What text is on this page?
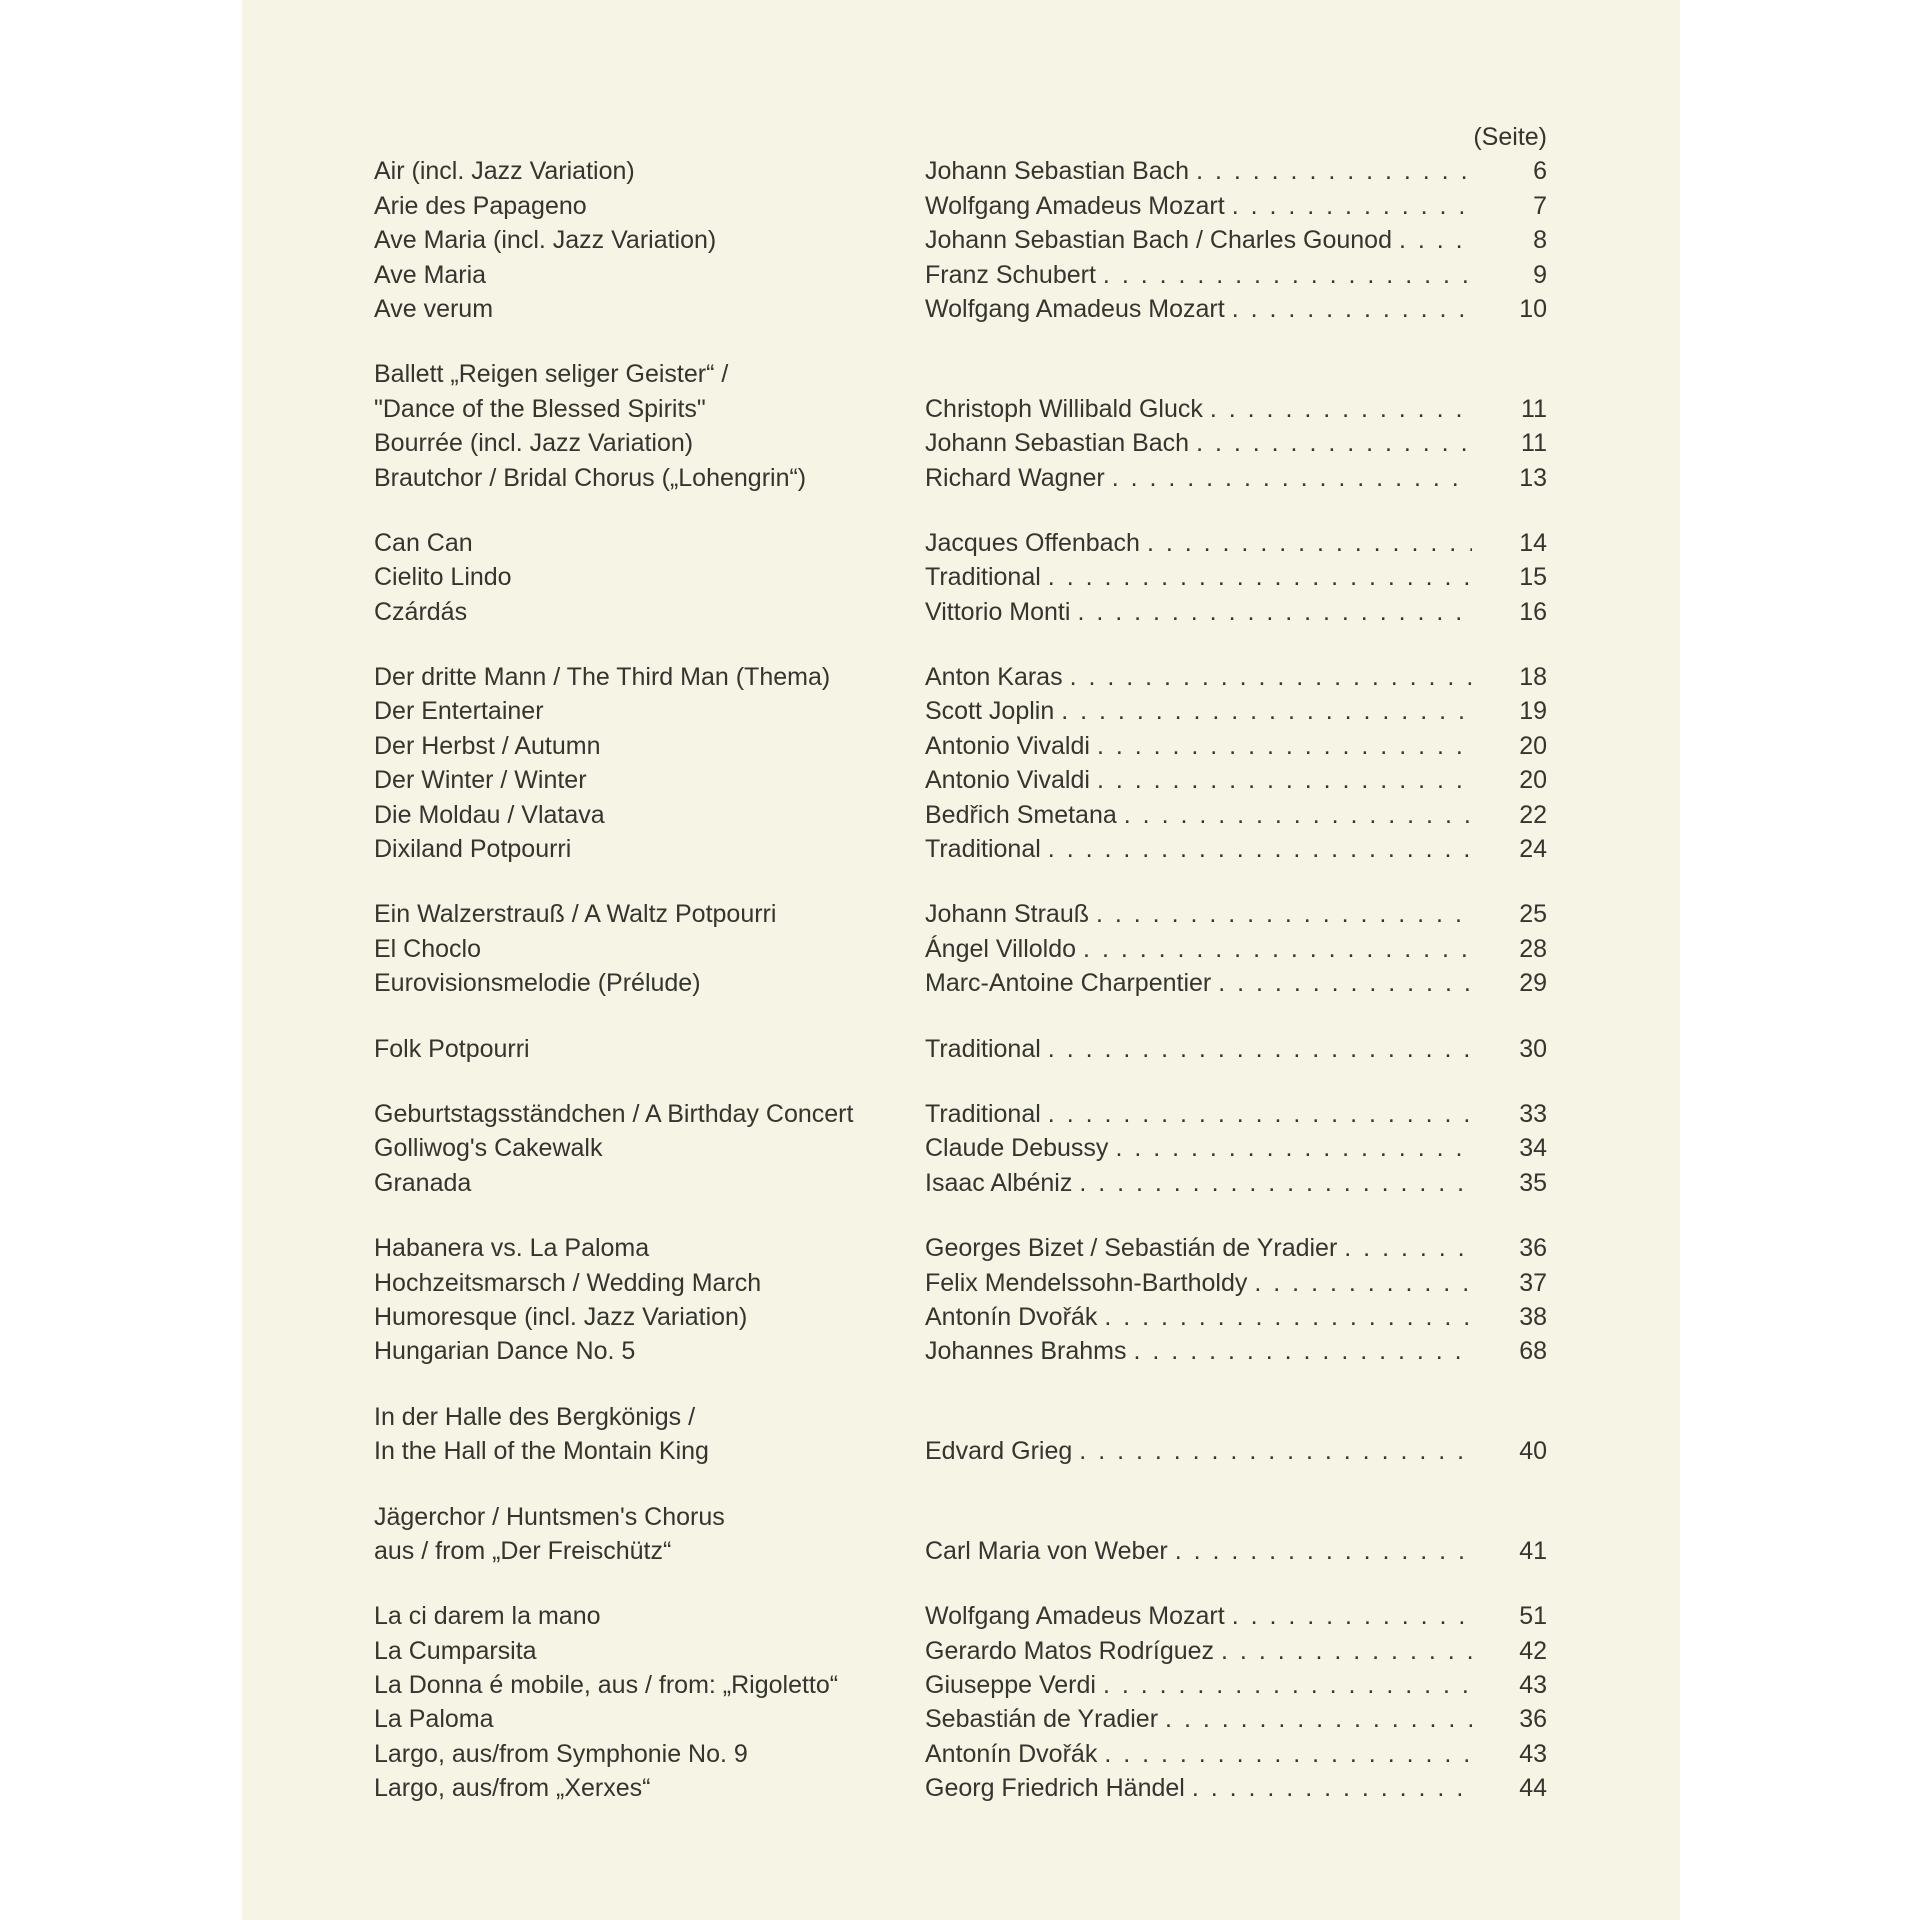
(Seite)
Air (incl. Jazz Variation)	Johann Sebastian Bach . . .	6
Arie des Papageno	Wolfgang Amadeus Mozart . . .	7
Ave Maria (incl. Jazz Variation)	Johann Sebastian Bach / Charles Gounod . . .	8
Ave Maria	Franz Schubert . . .	9
Ave verum	Wolfgang Amadeus Mozart . . .	10
Ballett „Reigen seliger Geister“ /
"Dance of the Blessed Spirits"	Christoph Willibald Gluck . . .	11
Bourrée (incl. Jazz Variation)	Johann Sebastian Bach . . .	11
Brautchor / Bridal Chorus („Lohengrin“)	Richard Wagner . . .	13
Can Can	Jacques Offenbach . . .	14
Cielito Lindo	Traditional . . .	15
Czárdás	Vittorio Monti . . .	16
Der dritte Mann / The Third Man (Thema)	Anton Karas . . .	18
Der Entertainer	Scott Joplin . . .	19
Der Herbst / Autumn	Antonio Vivaldi . . .	20
Der Winter / Winter	Antonio Vivaldi . . .	20
Die Moldau / Vlatava	Bedřich Smetana . . .	22
Dixiland Potpourri	Traditional . . .	24
Ein Walzerstrauß / A Waltz Potpourri	Johann Strauß . . .	25
El Choclo	Ángel Villoldo . . .	28
Eurovisionsmelodie (Prélude)	Marc-Antoine Charpentier . . .	29
Folk Potpourri	Traditional . . .	30
Geburtstagsständchen / A Birthday Concert	Traditional . . .	33
Golliwog's Cakewalk	Claude Debussy . . .	34
Granada	Isaac Albéniz . . .	35
Habanera vs. La Paloma	Georges Bizet / Sebastián de Yradier . . .	36
Hochzeitsmarsch / Wedding March	Felix Mendelssohn-Bartholdy . . .	37
Humoresque (incl. Jazz Variation)	Antonín Dvořák . . .	38
Hungarian Dance No. 5	Johannes Brahms . . .	68
In der Halle des Bergkönigs /
In the Hall of the Montain King	Edvard Grieg . . .	40
Jägerchor / Huntsmen's Chorus
aus / from „Der Freischütz“	Carl Maria von Weber . . .	41
La ci darem la mano	Wolfgang Amadeus Mozart . . .	51
La Cumparsita	Gerardo Matos Rodríguez . . .	42
La Donna é mobile, aus / from: „Rigoletto“	Giuseppe Verdi . . .	43
La Paloma	Sebastián de Yradier . . .	36
Largo, aus/from Symphonie No. 9	Antonín Dvořák . . .	43
Largo, aus/from „Xerxes“	Georg Friedrich Händel . . .	44
